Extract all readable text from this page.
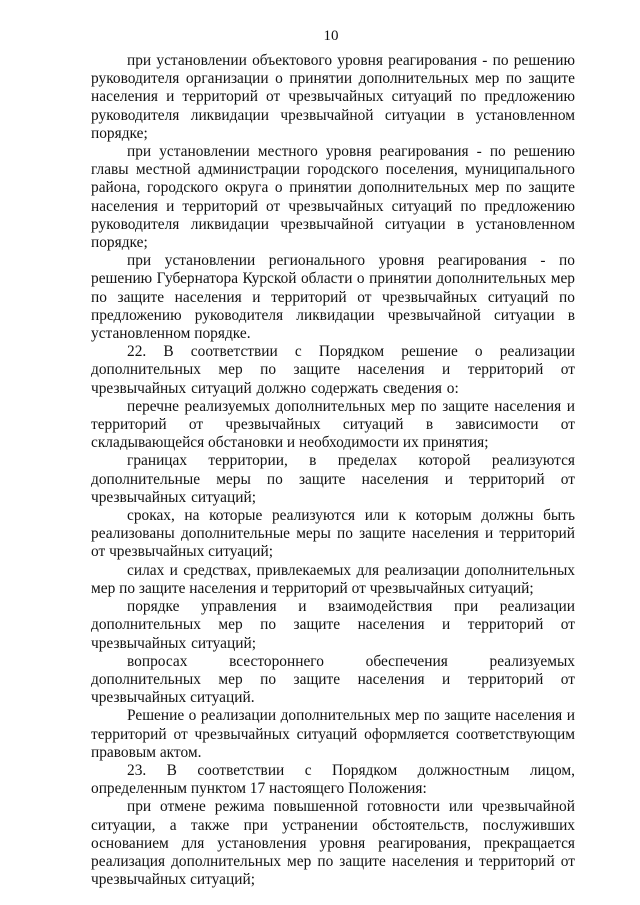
10

при установлении объектового уровня реагирования - по решению руководителя организации о принятии дополнительных мер по защите населения и территорий от чрезвычайных ситуаций по предложению руководителя ликвидации чрезвычайной ситуации в установленном порядке;

при установлении местного уровня реагирования - по решению главы местной администрации городского поселения, муниципального района, городского округа о принятии дополнительных мер по защите населения и территорий от чрезвычайных ситуаций по предложению руководителя ликвидации чрезвычайной ситуации в установленном порядке;

при установлении регионального уровня реагирования - по решению Губернатора Курской области о принятии дополнительных мер по защите населения и территорий от чрезвычайных ситуаций по предложению руководителя ликвидации чрезвычайной ситуации в установленном порядке.

22. В соответствии с Порядком решение о реализации дополнительных мер по защите населения и территорий от чрезвычайных ситуаций должно содержать сведения о:

перечне реализуемых дополнительных мер по защите населения и территорий от чрезвычайных ситуаций в зависимости от складывающейся обстановки и необходимости их принятия;

границах территории, в пределах которой реализуются дополнительные меры по защите населения и территорий от чрезвычайных ситуаций;

сроках, на которые реализуются или к которым должны быть реализованы дополнительные меры по защите населения и территорий от чрезвычайных ситуаций;

силах и средствах, привлекаемых для реализации дополнительных мер по защите населения и территорий от чрезвычайных ситуаций;

порядке управления и взаимодействия при реализации дополнительных мер по защите населения и территорий от чрезвычайных ситуаций;

вопросах всестороннего обеспечения реализуемых дополнительных мер по защите населения и территорий от чрезвычайных ситуаций.

Решение о реализации дополнительных мер по защите населения и территорий от чрезвычайных ситуаций оформляется соответствующим правовым актом.

23. В соответствии с Порядком должностным лицом, определенным пунктом 17 настоящего Положения:

при отмене режима повышенной готовности или чрезвычайной ситуации, а также при устранении обстоятельств, послуживших основанием для установления уровня реагирования, прекращается реализация дополнительных мер по защите населения и территорий от чрезвычайных ситуаций;
